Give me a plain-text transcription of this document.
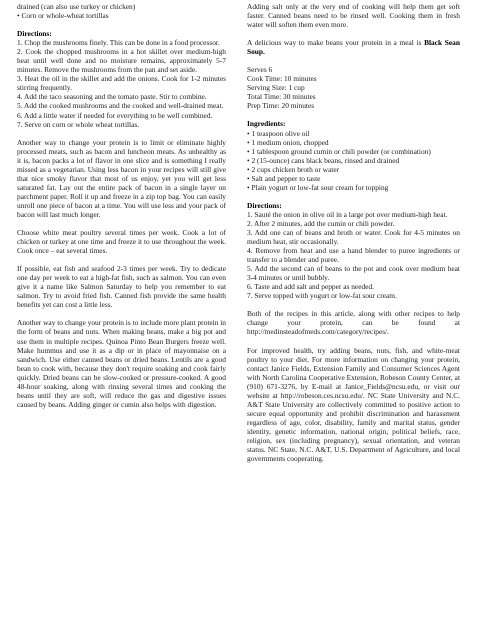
drained (can also use turkey or chicken)

• Corn or whole-wheat tortillas

Directions:

1. Chop the mushrooms finely. This can be done in a food processor.

2. Cook the chopped mushrooms in a hot skillet over medium-high heat until well done and no moisture remains, approximately 5-7 minutes. Remove the mushrooms from the pan and set aside.

3. Heat the oil in the skillet and add the onions. Cook for 1-2 minutes stirring frequently.

4. Add the taco seasoning and the tomato paste. Stir to combine.

5. Add the cooked mushrooms and the cooked and well-drained meat.

6. Add a little water if needed for everything to be well combined.

7. Serve on corn or whole wheat tortillas.

Another way to change your protein is to limit or eliminate highly processed meats, such as bacon and luncheon meats. As unhealthy as it is, bacon packs a lot of flavor in one slice and is something I really missed as a vegetarian. Using less bacon in your recipes will still give that nice smoky flavor that most of us enjoy, yet you will get less saturated fat. Lay out the entire pack of bacon in a single layer on parchment paper. Roll it up and freeze in a zip top bag. You can easily unroll one piece of bacon at a time. You will use less and your pack of bacon will last much longer.

Choose white meat poultry several times per week. Cook a lot of chicken or turkey at one time and freeze it to use throughout the week. Cook once – eat several times.

If possible, eat fish and seafood 2-3 times per week. Try to dedicate one day per week to eat a high-fat fish, such as salmon. You can even give it a name like Salmon Saturday to help you remember to eat salmon. Try to avoid fried fish. Canned fish provide the same health benefits yet can cost a little less.

Another way to change your protein is to include more plant protein in the form of beans and nuts. When making beans, make a big pot and use them in multiple recipes. Quinoa Pinto Bean Burgers freeze well. Make hummus and use it as a dip or in place of mayonnaise on a sandwich. Use either canned beans or dried beans. Lentils are a good bean to cook with, because they don't require soaking and cook fairly quickly. Dried beans can be slow-cooked or pressure-cooked. A good 48-hour soaking, along with rinsing several times and cooking the beans until they are soft, will reduce the gas and digestive issues caused by beans. Adding ginger or cumin also helps with digestion.

Adding salt only at the very end of cooking will help them get soft faster. Canned beans need to be rinsed well. Cooking them in fresh water will soften them even more.

A delicious way to make beans your protein in a meal is Black Sean Soup.

Serves 6

Cook Time: 10 minutes

Serving Size: 1 cup

Total Time: 30 minutes

Prep Time: 20 minutes

Ingredients:

• 1 teaspoon olive oil

• 1 medium onion, chopped

• 1 tablespoon ground cumin or chili powder (or combination)

• 2 (15-ounce) cans black beans, rinsed and drained

• 2 cups chicken broth or water

• Salt and pepper to taste

• Plain yogurt or low-fat sour cream for topping

Directions:

1. Sauté the onion in olive oil in a large pot over medium-high heat.

2. After 2 minutes, add the cumin or chili powder.

3. Add one can of beans and broth or water. Cook for 4-5 minutes on medium heat, stir occasionally.

4. Remove from heat and use a hand blender to puree ingredients or transfer to a blender and puree.

5. Add the second can of beans to the pot and cook over medium heat 3-4 minutes or until bubbly.

6. Taste and add salt and pepper as needed.

7. Serve topped with yogurt or low-fat sour cream.

Both of the recipes in this article, along with other recipes to help change your protein, can be found at http://medinsteadofmeds.com/category/recipes/.

For improved health, try adding beans, nuts, fish, and white-meat poultry to your diet. For more information on changing your protein, contact Janice Fields, Extension Family and Consumer Sciences Agent with North Carolina Cooperative Extension, Robeson County Center, at (910) 671-3276, by E-mail at Janice_Fields@ncsu.edu, or visit our website at http://robeson.ces.ncsu.edu/. NC State University and N.C. A&T State University are collectively committed to positive action to secure equal opportunity and prohibit discrimination and harassment regardless of age, color, disability, family and marital status, gender identity, genetic information, national origin, political beliefs, race, religion, sex (including pregnancy), sexual orientation, and veteran status. NC State, N.C. A&T, U.S. Department of Agriculture, and local governments cooperating.
